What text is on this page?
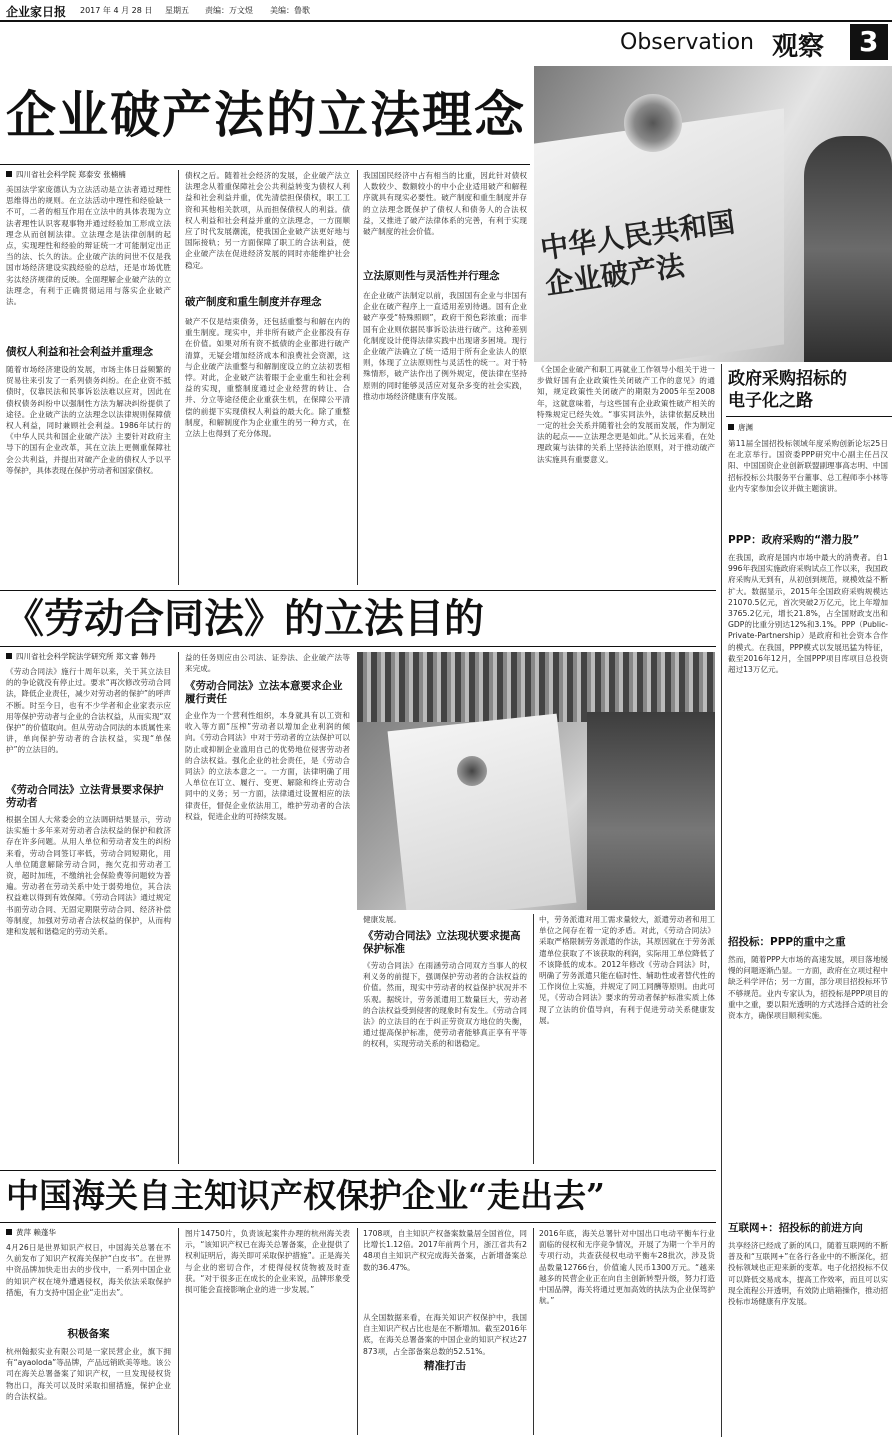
企业家日报 2017 年 4 月 28 日 星期五 责编：万文煜 美编：鲁歌
Observation 观察 3
企业破产法的立法理念
四川省社会科学院 郑泰安 张楠楠
美国法学家庞德认为立法活动是立法者通过理性思维得出的规则。在立法活动中理性和经验缺一不可，二者的相互作用在立法中的具体表现为立法者理性认识客观事物并通过经验加工形成立法理念从而创制法律。立法理念是法律创制的起点，实现理性和经验的辩证统一才可能制定出正当的法、长久的法。企业破产法的问世不仅是我国市场经济建设实践经验的总结，还是市场优胜劣汰经济规律的反映。全面理解企业破产法的立法理念，有利于正确贯彻运用与落实企业破产法。
债权人利益和社会利益并重理念
随着市场经济建设的发展，市场主体日益频繁的贸易往来引发了一系列债务纠纷。在企业资不抵债时，仅靠民法和民事诉讼法难以应对，因此在债权债务纠纷中以强制性方法为解决纠纷提供了途径。企业破产法的立法理念以法律规则保障债权人利益，同时兼顾社会利益。1986年试行的《中华人民共和国企业破产法》主要针对政府主导下的国有企业改革，其在立法上更侧重保障社会公共利益，并提出对破产企业的债权人予以平等保护，具体表现在保护劳动者和国家债权。
债权之后。随着社会经济的发展，企业破产法立法理念从着重保障社会公共利益转变为债权人利益和社会利益并重，优先清偿担保债权，职工工资和其他相关款项，从而担保债权人的利益。债权人利益和社会利益并重的立法理念，一方面顺应了时代发展潮流，使我国企业破产法更好地与国际接轨；另一方面保障了职工的合法利益，使企业破产法在促进经济发展的同时亦能维护社会稳定。
破产制度和重生制度并存理念
破产不仅是结束债务，还包括重整与和解在内的重生制度。现实中，并非所有破产企业都没有存在价值。如果对所有资不抵债的企业都进行破产清算，无疑会增加经济成本和浪费社会资源，这与企业破产法重整与和解制度设立的立法初衷相悖。对此，企业破产法着眼于企业重生和社会利益的实现，重整制度通过企业经营的转让、合并、分立等途径使企业重获生机，在保障公平清偿的前提下实现债权人利益的最大化。除了重整制度，和解制度作为企业重生的另一种方式，在立法上也得到了充分体现。
我国国民经济中占有相当的比重，因此针对债权人数较少、数额较小的中小企业适用破产和解程序就具有现实必要性。破产制度和重生制度并存的立法理念既保护了债权人和债务人的合法权益，又推进了破产法律体系的完善，有利于实现破产制度的社会价值。
立法原则性与灵活性并行理念
在企业破产法制定以前，我国国有企业与非国有企业在破产程序上一直适用差别待遇。国有企业破产享受“特殊照顾”，政府干预色彩浓重；而非国有企业则依据民事诉讼法进行破产。这种差别化制度设计使得法律实践中出现诸多困境。现行企业破产法确立了统一适用于所有企业法人的原则，体现了立法原则性与灵活性的统一。对于特殊情形，破产法作出了例外规定，使法律在坚持原则的同时能够灵活应对复杂多变的社会实践，推动市场经济健康有序发展。
中华人民共和国企业破产法
《全国企业破产和职工再就业工作领导小组关于进一步做好国有企业政策性关闭破产工作的意见》的通知，规定政策性关闭破产的期限为2005年至2008年，这就意味着，与这些国有企业政策性破产相关的特殊规定已经失效。“事实同法外，法律依据反映出一定的社会关系并随着社会的发展而发展，作为制定法的起点——立法理念更是如此。”从长远来看，在处理政策与法律的关系上坚持法治原则，对于推动破产法实施具有重要意义。
政府采购招标的
电子化之路
唐渊
第11届全国招投标领域年度采购创新论坛25日在北京举行。国资委PPP研究中心副主任吕汉阳、中国国资企业创新联盟副理事高志明、中国招标投标公共服务平台董事、总工程师李小林等业内专家参加会议并做主题演讲。
PPP：政府采购的“潜力股”
在我国，政府是国内市场中最大的消费者。自1996年我国实施政府采购试点工作以来，我国政府采购从无到有，从初创到规范，规模效益不断扩大。数据显示，2015年全国政府采购规模达21070.5亿元，首次突破2万亿元，比上年增加3765.2亿元，增长21.8%，占全国财政支出和GDP的比重分别达12%和3.1%。PPP（Public-Private-Partnership）是政府和社会资本合作的模式。在我国，PPP模式以发展迅猛为特征，截至2016年12月，全国PPP项目库项目总投资超过13万亿元。
招投标：PPP的重中之重
然而，随着PPP大市场的高速发展，项目落地缓慢的问题逐渐凸显。一方面，政府在立项过程中缺乏科学评估；另一方面，部分项目招投标环节不够规范。业内专家认为，招投标是PPP项目的重中之重，要以阳光透明的方式选择合适的社会资本方，确保项目顺利实施。
互联网+：招投标的前进方向
共享经济已经成了新的风口，随着互联网的不断普及和“互联网+”在各行各业中的不断深化，招投标领域也正迎来新的变革。电子化招投标不仅可以降低交易成本，提高工作效率，而且可以实现全流程公开透明，有效防止暗箱操作，推动招投标市场健康有序发展。
《劳动合同法》的立法目的
四川省社会科学院法学研究所 郑文睿 韩丹
《劳动合同法》施行十周年以来，关于其立法目的的争论就没有停止过。要求“再次修改劳动合同法，降低企业责任，减少对劳动者的保护”的呼声不断。时至今日，也有不少学者和企业家表示应用等保护劳动者与企业的合法权益，从而实现“双保护”的价值取向。但从劳动合同法的本质属性来讲，单向保护劳动者的合法权益，实现“单保护”的立法目的。
《劳动合同法》立法背景要求保护劳动者
根据全国人大常委会的立法调研结果显示，劳动法实施十多年来对劳动者合法权益的保护和救济存在许多问题。从用人单位和劳动者发生的纠纷来看，劳动合同签订率低，劳动合同短期化，用人单位随意解除劳动合同，拖欠克扣劳动者工资，超时加班，不缴纳社会保险费等问题较为普遍。劳动者在劳动关系中处于弱势地位，其合法权益难以得到有效保障。《劳动合同法》通过规定书面劳动合同、无固定期限劳动合同、经济补偿等制度，加强对劳动者合法权益的保护，从而构建和发展和谐稳定的劳动关系。
益的任务则应由公司法、证券法、企业破产法等来完成。
《劳动合同法》立法本意要求企业履行责任
企业作为一个营利性组织，本身就具有以工资和收入等方面“压榨”劳动者以增加企业利润的倾向。《劳动合同法》中对于劳动者的立法保护可以防止或抑制企业滥用自己的优势地位侵害劳动者的合法权益。强化企业的社会责任，是《劳动合同法》的立法本意之一。一方面，法律明确了用人单位在订立、履行、变更、解除和终止劳动合同中的义务；另一方面，法律通过设置相应的法律责任，督促企业依法用工，维护劳动者的合法权益，促进企业的可持续发展。
健康发展。
《劳动合同法》立法现状要求提高保护标准
《劳动合同法》在雨涵劳动合同双方当事人的权利义务的前提下，强调保护劳动者的合法权益的价值。然而，现实中劳动者的权益保护状况并不乐观。据统计，劳务派遣用工数量巨大，劳动者的合法权益受到侵害的现象时有发生。《劳动合同法》的立法目的在于纠正劳资双方地位的失衡，通过提高保护标准，使劳动者能够真正享有平等的权利，实现劳动关系的和谐稳定。
中，劳务派遣对用工需求量较大，派遣劳动者和用工单位之间存在着一定的矛盾。对此，《劳动合同法》采取严格限制劳务派遣的作法，其原因就在于劳务派遣单位获取了不该获取的利润，实际用工单位降低了不该降低的成本。2012年修改《劳动合同法》时，明确了劳务派遣只能在临时性、辅助性或者替代性的工作岗位上实施，并规定了同工同酬等原则。由此可见，《劳动合同法》要求的劳动者保护标准实质上体现了立法的价值导向，有利于促进劳动关系健康发展。
中国海关自主知识产权保护企业“走出去”
黄萍 赖蓬华
4月26日是世界知识产权日，中国海关总署在不久前发布了知识产权海关保护“白皮书”。在世界中资品牌加快走出去的步伐中，一系列中国企业的知识产权在境外遭遇侵权，海关依法采取保护措施，有力支持中国企业“走出去”。
积极备案
杭州翰振实业有限公司是一家民营企业，旗下拥有“ayaoloda”等品牌，产品远销欧美等地。该公司在海关总署备案了知识产权，一旦发现侵权货物出口，海关可以及时采取扣留措施，保护企业的合法权益。
图片14750片，负责该起案件办理的杭州海关表示，“该知识产权已在海关总署备案，企业提供了权利证明后，海关即可采取保护措施”。正是海关与企业的密切合作，才使得侵权货物被及时查获。“对于很多正在成长的企业来说，品牌形象受损可能会直接影响企业的进一步发展。”
1708项，自主知识产权备案数量居全国首位，同比增长1.12倍。2017年前两个月，浙江省共有248项自主知识产权完成海关备案，占新增备案总数的36.47%。
从全国数据来看，在海关知识产权保护中，我国自主知识产权占比也是在不断增加。截至2016年底，在海关总署备案的中国企业的知识产权达27873项，占全部备案总数的52.51%。
精准打击
2016年底，海关总署针对中国出口电动平衡车行业面临的侵权和无序竞争情况，开展了为期一个半月的专项行动，共查获侵权电动平衡车28批次，涉及货品数量12766台，价值逾人民币1300万元。“越来越多的民营企业正在向自主创新转型升级，努力打造中国品牌，海关将通过更加高效的执法为企业保驾护航。”
